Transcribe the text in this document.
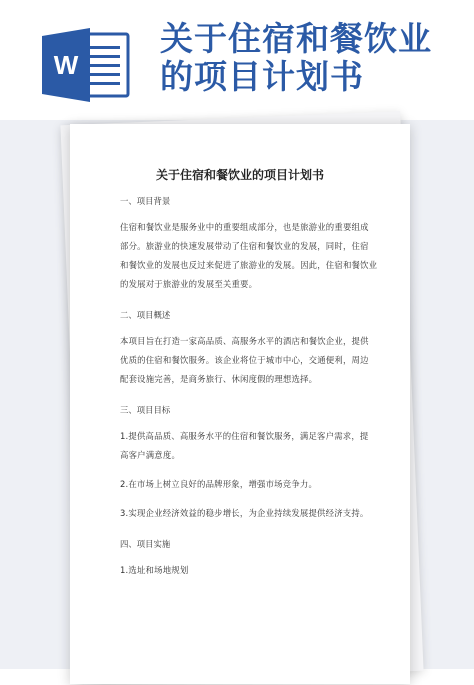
W
关于住宿和餐饮业
的项目计划书
关于住宿和餐饮业的项目计划书
一、项目背景
住宿和餐饮业是服务业中的重要组成部分，也是旅游业的重要组成
部分。旅游业的快速发展带动了住宿和餐饮业的发展，同时，住宿
和餐饮业的发展也反过来促进了旅游业的发展。因此，住宿和餐饮业
的发展对于旅游业的发展至关重要。
二、项目概述
本项目旨在打造一家高品质、高服务水平的酒店和餐饮企业，提供
优质的住宿和餐饮服务。该企业将位于城市中心，交通便利，周边
配套设施完善，是商务旅行、休闲度假的理想选择。
三、项目目标
1.提供高品质、高服务水平的住宿和餐饮服务，满足客户需求，提
高客户满意度。
2.在市场上树立良好的品牌形象，增强市场竞争力。
3.实现企业经济效益的稳步增长，为企业持续发展提供经济支持。
四、项目实施
1.选址和场地规划
